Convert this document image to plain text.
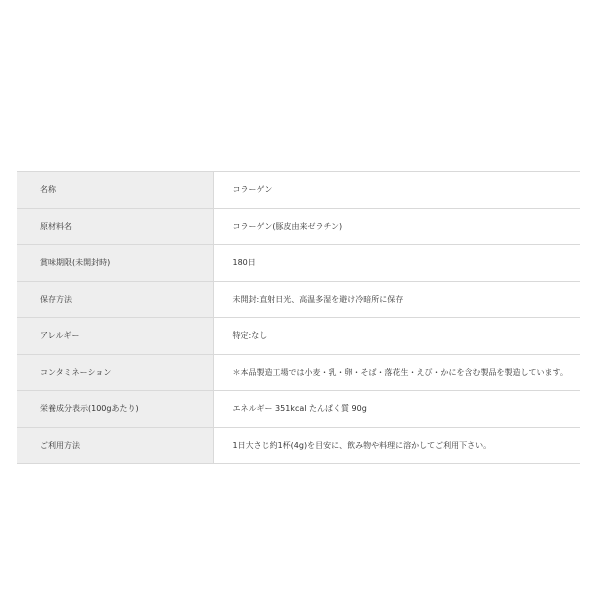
名称	コラーゲン
原材料名	コラーゲン(豚皮由来ゼラチン)
賞味期限(未開封時)	180日
保存方法	未開封:直射日光、高温多湿を避け冷暗所に保存
アレルギー	特定:なし
コンタミネーション	＊本品製造工場では小麦・乳・卵・そば・落花生・えび・かにを含む製品を製造しています。
栄養成分表示(100gあたり)	エネルギー 351kcal たんぱく質 90g
ご利用方法	1日大さじ約1杯(4g)を目安に、飲み物や料理に溶かしてご利用下さい。
